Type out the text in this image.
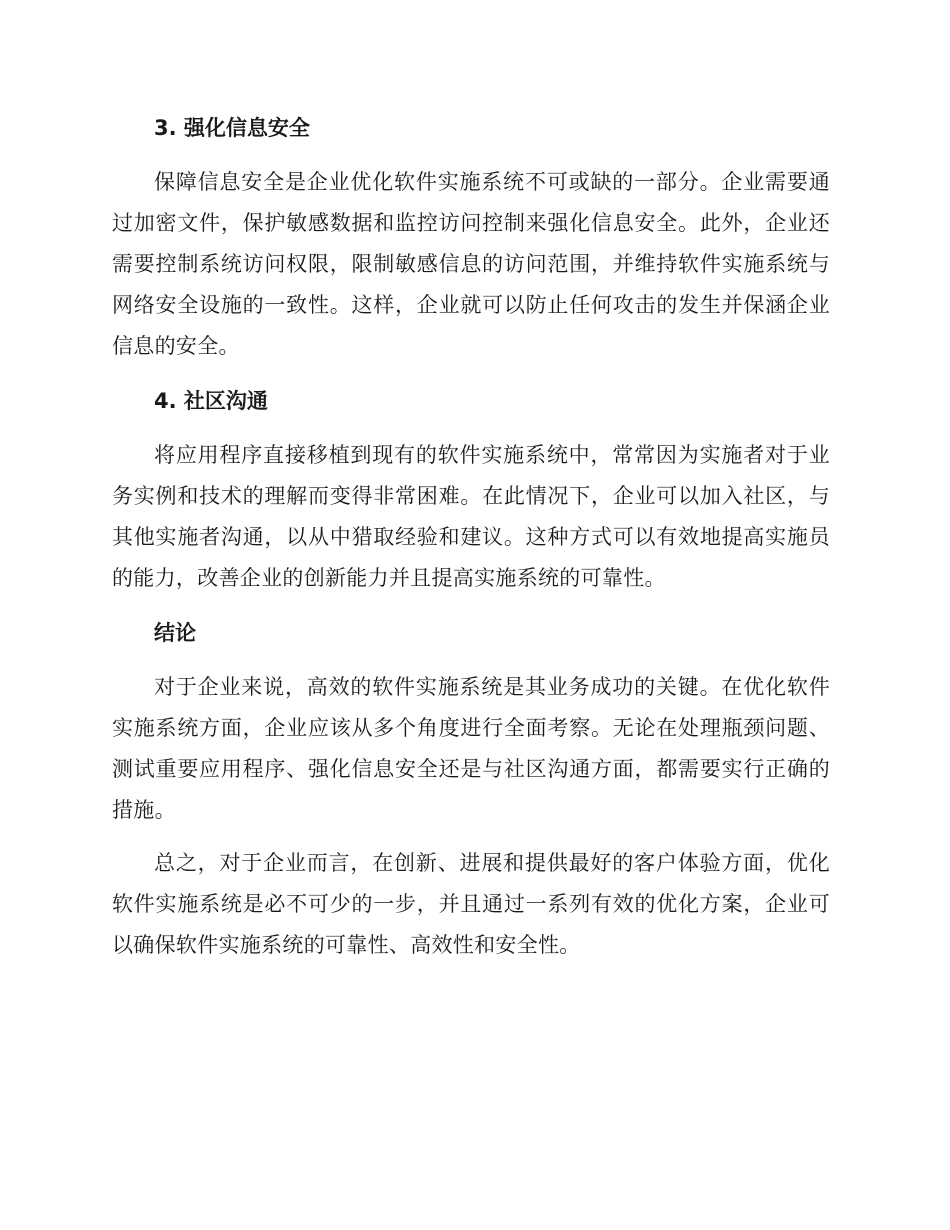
3. 强化信息安全

保障信息安全是企业优化软件实施系统不可或缺的一部分。企业需要通过加密文件，保护敏感数据和监控访问控制来强化信息安全。此外，企业还需要控制系统访问权限，限制敏感信息的访问范围，并维持软件实施系统与网络安全设施的一致性。这样，企业就可以防止任何攻击的发生并保涵企业信息的安全。

4. 社区沟通

将应用程序直接移植到现有的软件实施系统中，常常因为实施者对于业务实例和技术的理解而变得非常困难。在此情况下，企业可以加入社区，与其他实施者沟通，以从中猎取经验和建议。这种方式可以有效地提高实施员的能力，改善企业的创新能力并且提高实施系统的可靠性。

结论

对于企业来说，高效的软件实施系统是其业务成功的关键。在优化软件实施系统方面，企业应该从多个角度进行全面考察。无论在处理瓶颈问题、测试重要应用程序、强化信息安全还是与社区沟通方面，都需要实行正确的措施。

总之，对于企业而言，在创新、进展和提供最好的客户体验方面，优化软件实施系统是必不可少的一步，并且通过一系列有效的优化方案，企业可以确保软件实施系统的可靠性、高效性和安全性。
